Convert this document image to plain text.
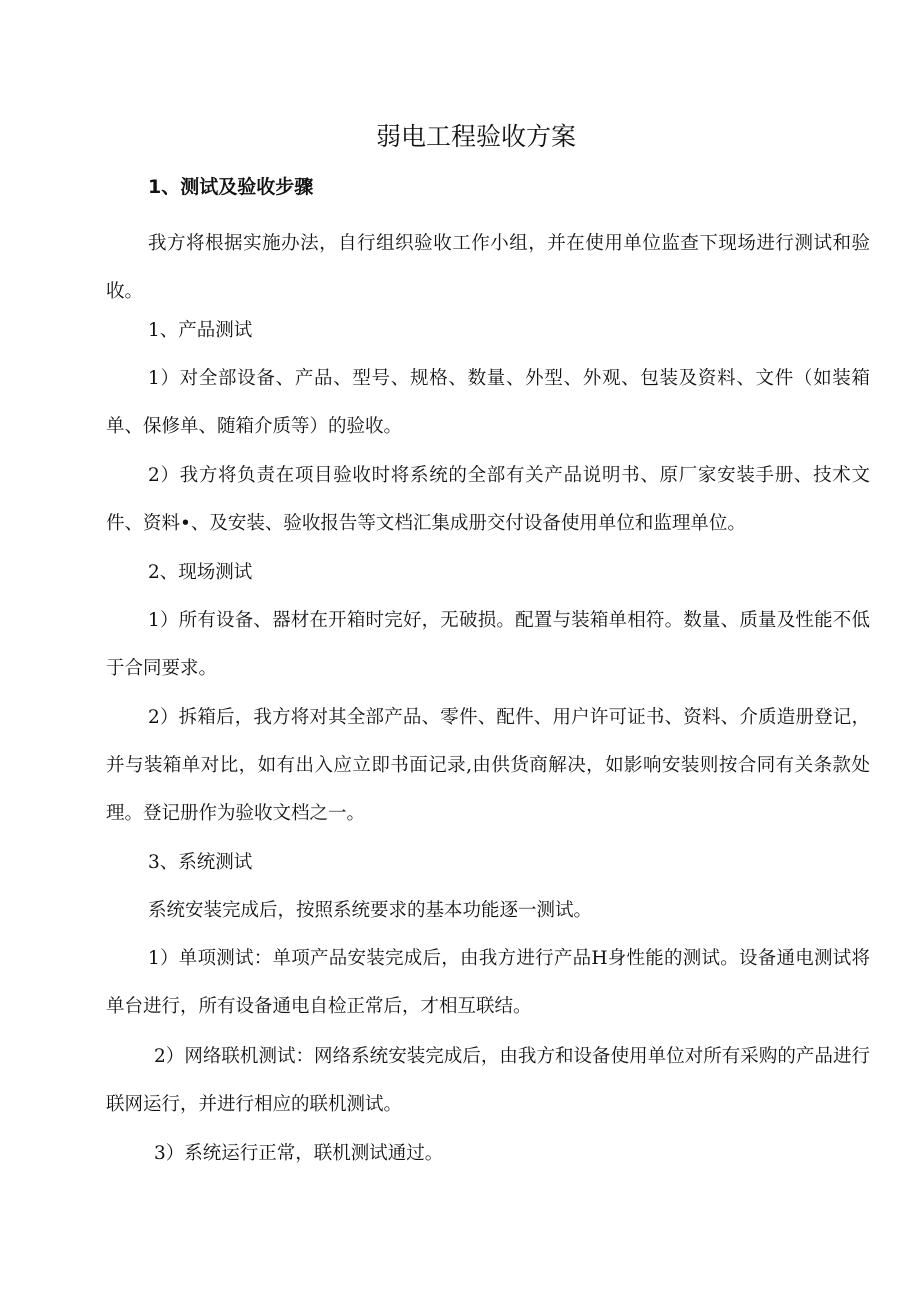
弱电工程验收方案
1、测试及验收步骤

我方将根据实施办法，自行组织验收工作小组，并在使用单位监查下现场进行测试和验收。

1、产品测试

1）对全部设备、产品、型号、规格、数量、外型、外观、包装及资料、文件（如装箱单、保修单、随箱介质等）的验收。

2）我方将负责在项目验收时将系统的全部有关产品说明书、原厂家安装手册、技术文件、资料•、及安装、验收报告等文档汇集成册交付设备使用单位和监理单位。

2、现场测试

1）所有设备、器材在开箱时完好，无破损。配置与装箱单相符。数量、质量及性能不低于合同要求。

2）拆箱后，我方将对其全部产品、零件、配件、用户许可证书、资料、介质造册登记，并与装箱单对比，如有出入应立即书面记录,由供货商解决，如影响安装则按合同有关条款处理。登记册作为验收文档之一。

3、系统测试
系统安装完成后，按照系统要求的基本功能逐一测试。

1）单项测试：单项产品安装完成后，由我方进行产品H身性能的测试。设备通电测试将单台进行，所有设备通电自检正常后，才相互联结。

2）网络联机测试：网络系统安装完成后，由我方和设备使用单位对所有采购的产品进行联网运行，并进行相应的联机测试。

3）系统运行正常，联机测试通过。
